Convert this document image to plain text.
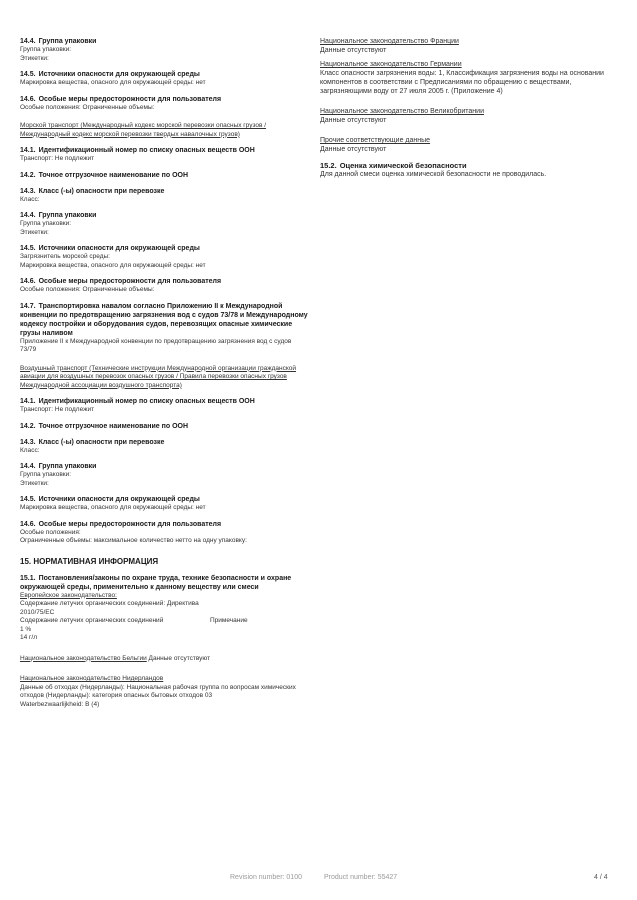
14.4. Группа упаковки
Группа упаковки:
Этикетки:
14.5. Источники опасности для окружающей среды
Маркировка вещества, опасного для окружающей среды: нет
14.6. Особые меры предосторожности для пользователя
Особые положения: Ограниченные объемы:
Морской транспорт (Международный кодекс морской перевозки опасных грузов / Международный кодекс морской перевозки твердых навалочных грузов)
14.1. Идентификационный номер по списку опасных веществ ООН
Транспорт: Не подлежит
14.2. Точное отгрузочное наименование по ООН
14.3. Класс (-ы) опасности при перевозке
Класс:
14.4. Группа упаковки
Группа упаковки:
Этикетки:
14.5. Источники опасности для окружающей среды
Загрязнитель морской среды:
Маркировка вещества, опасного для окружающей среды: нет
14.6. Особые меры предосторожности для пользователя
Особые положения: Ограниченные объемы:
14.7. Транспортировка навалом согласно Приложению II к Международной конвенции по предотвращению загрязнения вод с судов 73/78 и Международному кодексу постройки и оборудования судов, перевозящих опасные химические грузы наливом
Приложение II к Международной конвенции по предотвращению загрязнения вод с судов 73/79
Воздушный транспорт (Технические инструкции Международной организации гражданской авиации для воздушных перевозок опасных грузов / Правила перевозки опасных грузов Международной ассоциации воздушного транспорта)
14.1. Идентификационный номер по списку опасных веществ ООН
Транспорт: Не подлежит
14.2. Точное отгрузочное наименование по ООН
14.3. Класс (-ы) опасности при перевозке
Класс:
14.4. Группа упаковки
Группа упаковки:
Этикетки:
14.5. Источники опасности для окружающей среды
Маркировка вещества, опасного для окружающей среды: нет
14.6. Особые меры предосторожности для пользователя
Особые положения:
Ограниченные объемы: максимальное количество нетто на одну упаковку:
15. НОРМАТИВНАЯ ИНФОРМАЦИЯ
15.1. Постановления/законы по охране труда, технике безопасности и охране окружающей среды, применительно к данному веществу или смеси
Европейское законодательство:
Содержание летучих органических соединений: Директива 2010/75/ЕС
Содержание летучих органических соединений	Примечание
1 %
14 г/л
Национальное законодательство Бельгии Данные отсутствуют
Национальное законодательство Нидерландов
Данные об отходах (Нидерланды): Национальная рабочая группа по вопросам химических отходов (Нидерланды): категория опасных бытовых отходов 03
Waterbezwaarlijkheid: B (4)
Национальное законодательство Франции
Данные отсутствуют
Национальное законодательство Германии
Класс опасности загрязнения воды: 1, Классификация загрязнения воды на основании компонентов в соответствии с Предписаниями по обращению с веществами, загрязняющими воду от 27 июля 2005 г. (Приложение 4)
Национальное законодательство Великобритании
Данные отсутствуют
Прочие соответствующие данные
Данные отсутствуют
15.2. Оценка химической безопасности
Для данной смеси оценка химической безопасности не проводилась.
Revision number: 0100	Product number: 55427	4 / 4
